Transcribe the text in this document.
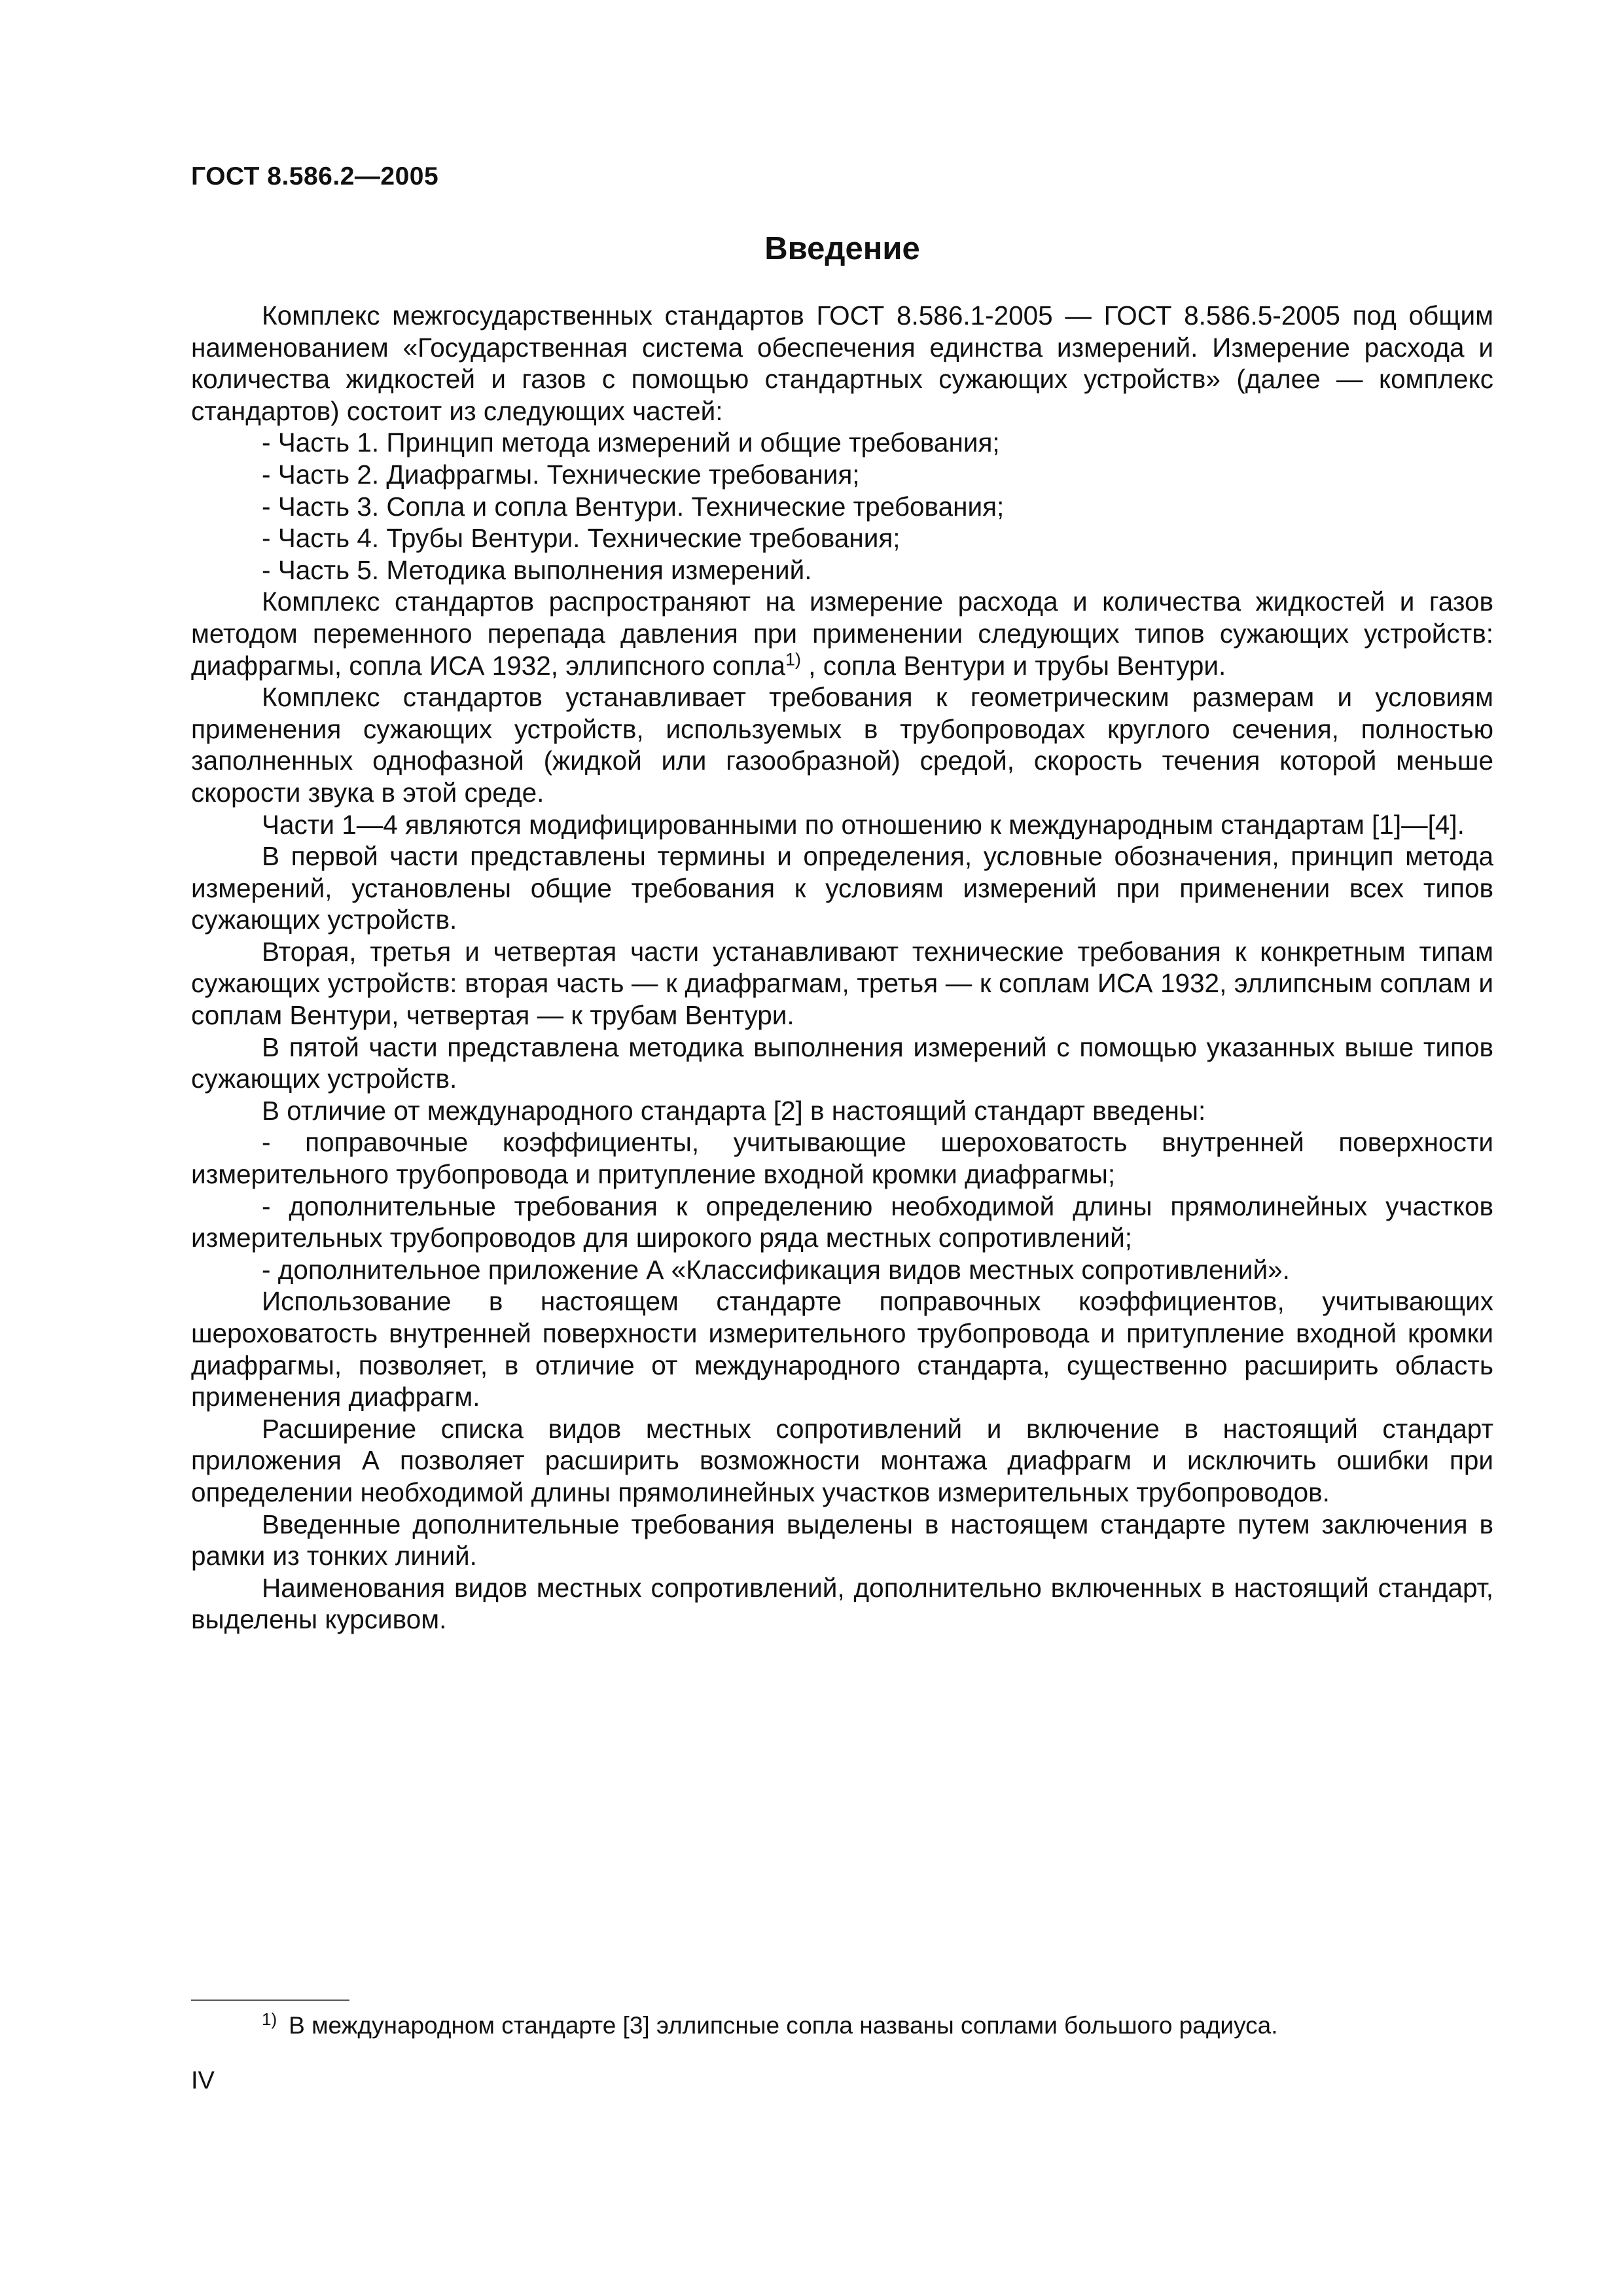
ГОСТ 8.586.2—2005
Введение

Комплекс межгосударственных стандартов ГОСТ 8.586.1-2005 — ГОСТ 8.586.5-2005 под общим наименованием «Государственная система обеспечения единства измерений. Измерение расхода и количества жидкостей и газов с помощью стандартных сужающих устройств» (далее — комплекс стандартов) состоит из следующих частей:

- Часть 1. Принцип метода измерений и общие требования;

- Часть 2. Диафрагмы. Технические требования;

- Часть 3. Сопла и сопла Вентури. Технические требования;

- Часть 4. Трубы Вентури. Технические требования;

- Часть 5. Методика выполнения измерений.

Комплекс стандартов распространяют на измерение расхода и количества жидкостей и газов методом переменного перепада давления при применении следующих типов сужающих устройств: диафрагмы, сопла ИСА 1932, эллипсного сопла$^{1)}$ , сопла Вентури и трубы Вентури.

Комплекс стандартов устанавливает требования к геометрическим размерам и условиям применения сужающих устройств, используемых в трубопроводах круглого сечения, полностью заполненных однофазной (жидкой или газообразной) средой, скорость течения которой меньше скорости звука в этой среде.

Части 1—4 являются модифицированными по отношению к международным стандартам [1]—[4].

В первой части представлены термины и определения, условные обозначения, принцип метода измерений, установлены общие требования к условиям измерений при применении всех типов сужающих устройств.

Вторая, третья и четвертая части устанавливают технические требования к конкретным типам сужающих устройств: вторая часть — к диафрагмам, третья — к соплам ИСА 1932, эллипсным соплам и соплам Вентури, четвертая — к трубам Вентури.

В пятой части представлена методика выполнения измерений с помощью указанных выше типов сужающих устройств.

В отличие от международного стандарта [2] в настоящий стандарт введены:

- поправочные коэффициенты, учитывающие шероховатость внутренней поверхности измерительного трубопровода и притупление входной кромки диафрагмы;

- дополнительные требования к определению необходимой длины прямолинейных участков измерительных трубопроводов для широкого ряда местных сопротивлений;

- дополнительное приложение А «Классификация видов местных сопротивлений».

Использование в настоящем стандарте поправочных коэффициентов, учитывающих шероховатость внутренней поверхности измерительного трубопровода и притупление входной кромки диафрагмы, позволяет, в отличие от международного стандарта, существенно расширить область применения диафрагм.

Расширение списка видов местных сопротивлений и включение в настоящий стандарт приложения А позволяет расширить возможности монтажа диафрагм и исключить ошибки при определении необходимой длины прямолинейных участков измерительных трубопроводов.

Введенные дополнительные требования выделены в настоящем стандарте путем заключения в рамки из тонких линий.

Наименования видов местных сопротивлений, дополнительно включенных в настоящий стандарт, выделены курсивом.

$^{1)}$ В международном стандарте [3] эллипсные сопла названы соплами большого радиуса.
IV
